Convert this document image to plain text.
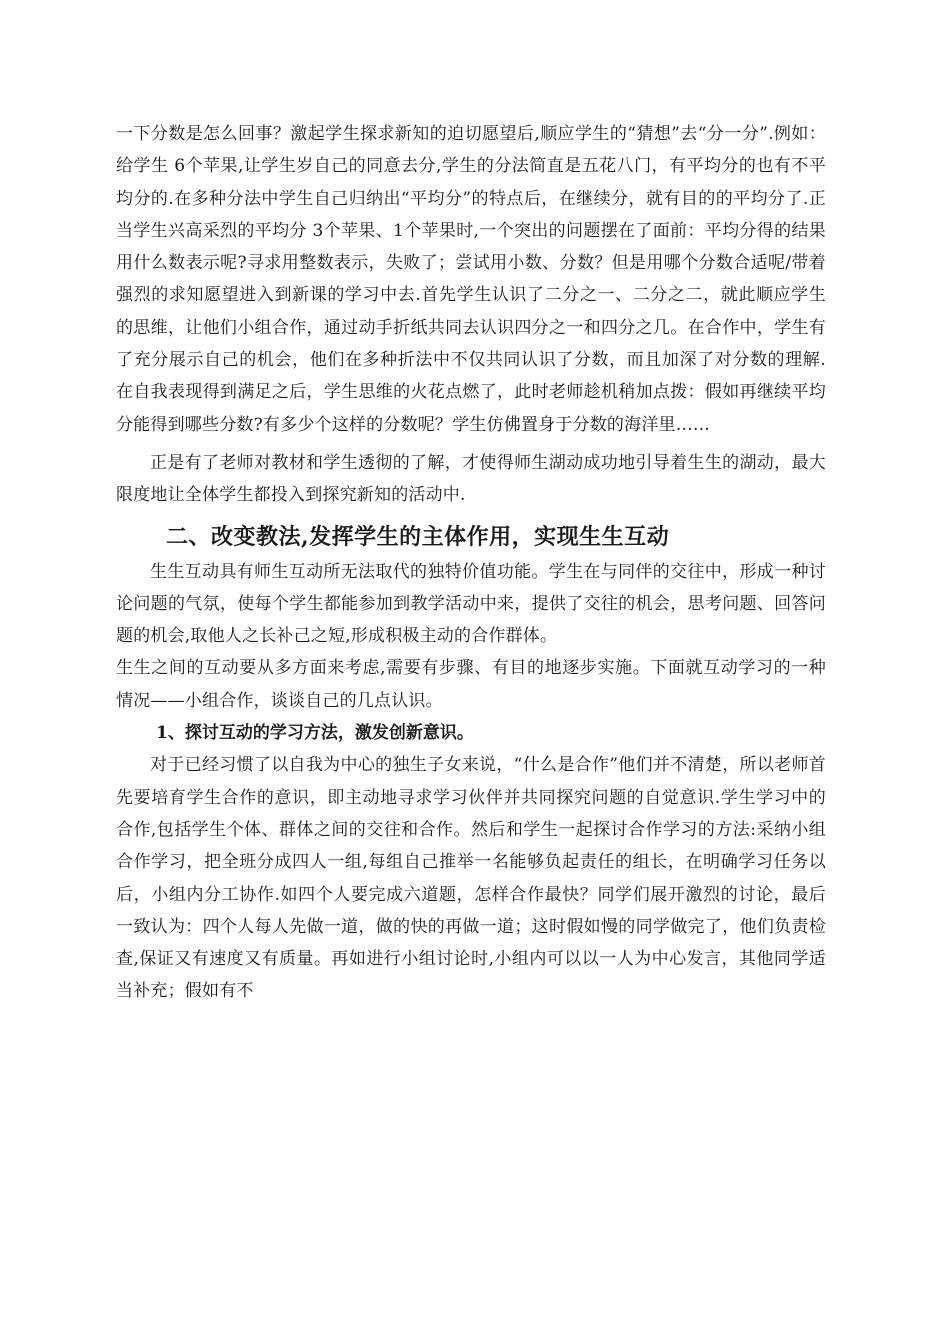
一下分数是怎么回事？激起学生探求新知的迫切愿望后,顺应学生的“猜想”去“分一分”.例如：给学生 6个苹果,让学生岁自己的同意去分,学生的分法简直是五花八门，有平均分的也有不平均分的.在多种分法中学生自己归纳出“平均分”的特点后，在继续分，就有目的的平均分了.正当学生兴高采烈的平均分 3个苹果、1个苹果时,一个突出的问题摆在了面前：平均分得的结果用什么数表示呢?寻求用整数表示，失败了；尝试用小数、分数？但是用哪个分数合适呢/带着强烈的求知愿望进入到新课的学习中去.首先学生认识了二分之一、二分之二，就此顺应学生的思维，让他们小组合作，通过动手折纸共同去认识四分之一和四分之几。在合作中，学生有了充分展示自己的机会，他们在多种折法中不仅共同认识了分数，而且加深了对分数的理解.在自我表现得到满足之后，学生思维的火花点燃了，此时老师趁机稍加点拨：假如再继续平均分能得到哪些分数?有多少个这样的分数呢？学生仿佛置身于分数的海洋里……

正是有了老师对教材和学生透彻的了解，才使得师生湖动成功地引导着生生的湖动，最大限度地让全体学生都投入到探究新知的活动中.

二、改变教法,发挥学生的主体作用，实现生生互动

生生互动具有师生互动所无法取代的独特价值功能。学生在与同伴的交往中，形成一种讨论问题的气氛，使每个学生都能参加到教学活动中来，提供了交往的机会，思考问题、回答问题的机会,取他人之长补己之短,形成积极主动的合作群体。

生生之间的互动要从多方面来考虑,需要有步骤、有目的地逐步实施。下面就互动学习的一种情况——小组合作，谈谈自己的几点认识。

1、探讨互动的学习方法，激发创新意识。

对于已经习惯了以自我为中心的独生子女来说，“什么是合作”他们并不清楚，所以老师首先要培育学生合作的意识，即主动地寻求学习伙伴并共同探究问题的自觉意识.学生学习中的合作,包括学生个体、群体之间的交往和合作。然后和学生一起探讨合作学习的方法:采纳小组合作学习，把全班分成四人一组,每组自己推举一名能够负起责任的组长，在明确学习任务以后，小组内分工协作.如四个人要完成六道题，怎样合作最快？同学们展开激烈的讨论，最后一致认为：四个人每人先做一道，做的快的再做一道；这时假如慢的同学做完了，他们负责检查,保证又有速度又有质量。再如进行小组讨论时,小组内可以以一人为中心发言，其他同学适当补充；假如有不
